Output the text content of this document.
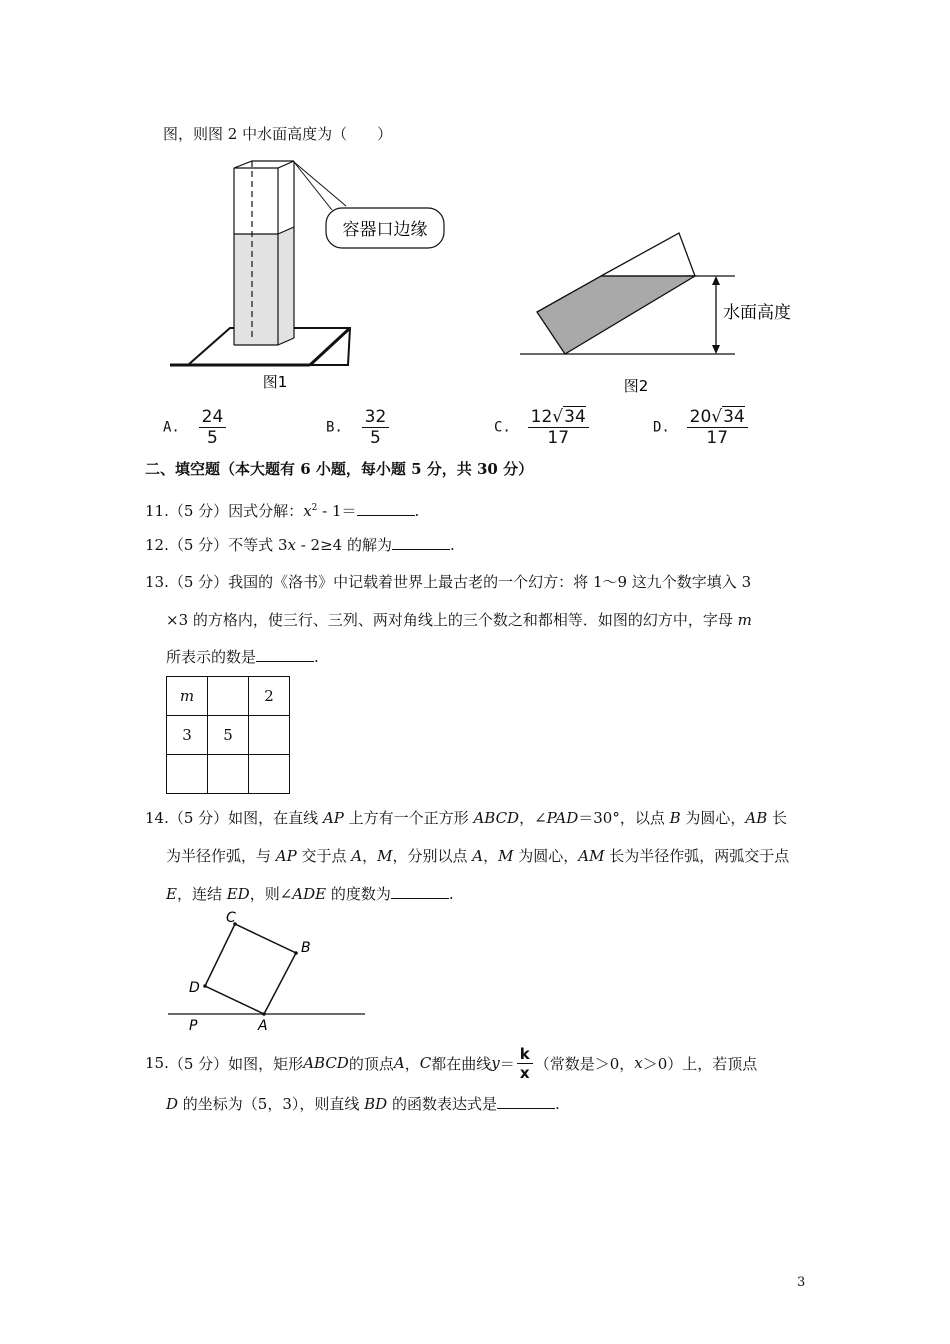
图，则图 2 中水面高度为（　　）
容器口边缘
图1
水面高度
图2
A. $\frac{24}{5}$	B. $\frac{32}{5}$	C. $\frac{12√34}{17}$	D. $\frac{20√34}{17}$
二、填空题（本大题有 6 小题，每小题 5 分，共 30 分）
11.（5 分）因式分解：$x^2 - 1=$	.
12.（5 分）不等式 3x - 2≥4 的解为	.
13.（5 分）我国的《洛书》中记载着世界上最古老的一个幻方：将 1～9 这九个数字填入 3
×3 的方格内，使三行、三列、两对角线上的三个数之和都相等．如图的幻方中，字母 m
所表示的数是	.
m		2
3	5	

14.（5 分）如图，在直线 AP 上方有一个正方形 ABCD，∠PAD＝30°，以点 B 为圆心，AB 长
为半径作弧，与 AP 交于点 A，M，分别以点 A，M 为圆心，AM 长为半径作弧，两弧交于点
E，连结 ED，则∠ADE 的度数为	.
C
B
D
A
P
15. （5 分） 如图，矩形 ABCD 的顶点 A ， C 都在曲线 $y = \frac{k}{x}$ （常数是＞0， x ＞0）上，若顶点
D 的坐标为（5，3），则直线 BD 的函数表达式是	.
3
